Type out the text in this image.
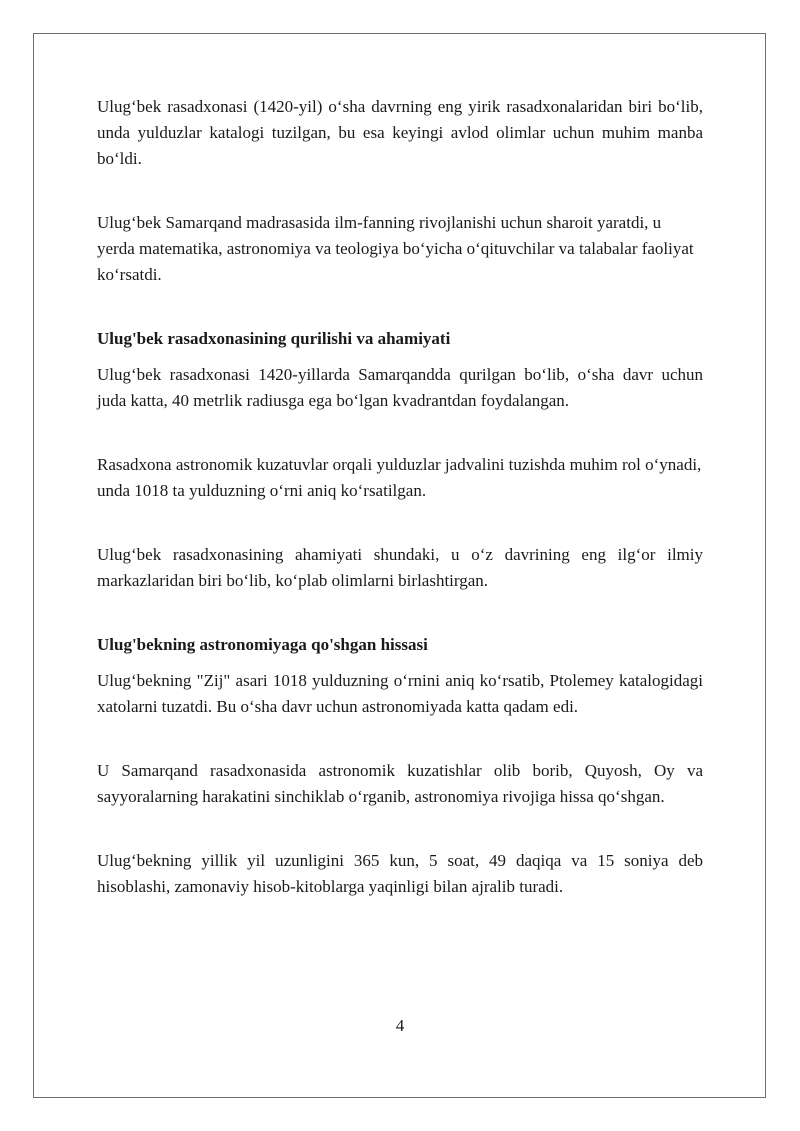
Ulug‘bek rasadxonasi (1420-yil) o‘sha davrning eng yirik rasadxonalaridan biri bo‘lib, unda yulduzlar katalogi tuzilgan, bu esa keyingi avlod olimlar uchun muhim manba bo‘ldi.

Ulug‘bek Samarqand madrasasida ilm-fanning rivojlanishi uchun sharoit yaratdi, u yerda matematika, astronomiya va teologiya bo‘yicha o‘qituvchilar va talabalar faoliyat ko‘rsatdi.

Ulug'bek rasadxonasining qurilishi va ahamiyati

Ulug‘bek rasadxonasi 1420-yillarda Samarqandda qurilgan bo‘lib, o‘sha davr uchun juda katta, 40 metrlik radiusga ega bo‘lgan kvadrantdan foydalangan.

Rasadxona astronomik kuzatuvlar orqali yulduzlar jadvalini tuzishda muhim rol o‘ynadi, unda 1018 ta yulduzning o‘rni aniq ko‘rsatilgan.

Ulug‘bek rasadxonasining ahamiyati shundaki, u o‘z davrining eng ilg‘or ilmiy markazlaridan biri bo‘lib, ko‘plab olimlarni birlashtirgan.

Ulug'bekning astronomiyaga qo'shgan hissasi

Ulug‘bekning "Zij" asari 1018 yulduzning o‘rnini aniq ko‘rsatib, Ptolemey katalogidagi xatolarni tuzatdi. Bu o‘sha davr uchun astronomiyada katta qadam edi.

U Samarqand rasadxonasida astronomik kuzatishlar olib borib, Quyosh, Oy va sayyoralarning harakatini sinchiklab o‘rganib, astronomiya rivojiga hissa qo‘shgan.

Ulug‘bekning yillik yil uzunligini 365 kun, 5 soat, 49 daqiqa va 15 soniya deb hisoblashi, zamonaviy hisob-kitoblarga yaqinligi bilan ajralib turadi.

4
